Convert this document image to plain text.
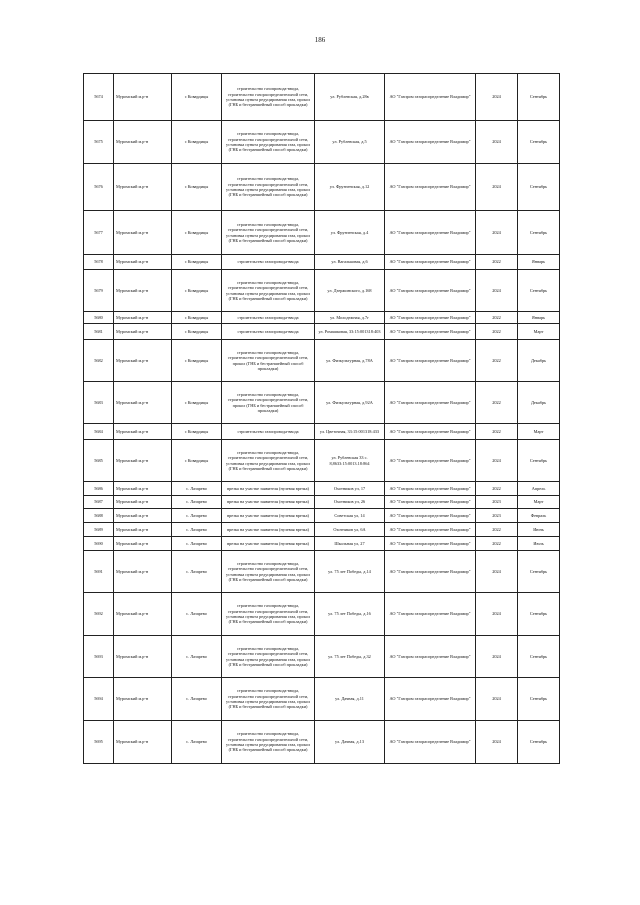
186
5674	Муромский м.р-н	с Ковардицы	строительство газопровода-ввода, строительство газораспределительной сети, установка пункта редуцирования газа, прокол (ГНБ и бестраншейный способ прокладки)	ул. Рублевская, д.28в	АО "Газпром газораспределение Владимир"	2024	Сентябрь
5675	Муромский м.р-н	с Ковардицы	строительство газопровода-ввода, строительство газораспределительной сети, установка пункта редуцирования газа, прокол (ГНБ и бестраншейный способ прокладки)	ул. Рублевская, д.5	АО "Газпром газораспределение Владимир"	2024	Сентябрь
5676	Муромский м.р-н	с Ковардицы	строительство газопровода-ввода, строительство газораспределительной сети, установка пункта редуцирования газа, прокол (ГНБ и бестраншейный способ прокладки)	ул. Фрунзенская, д.12	АО "Газпром газораспределение Владимир"	2024	Сентябрь
5677	Муромский м.р-н	с Ковардицы	строительство газопровода-ввода, строительство газораспределительной сети, установка пункта редуцирования газа, прокол (ГНБ и бестраншейный способ прокладки)	ул. Фрунзенская, д.4	АО "Газпром газораспределение Владимир"	2024	Сентябрь
5678	Муромский м.р-н	с Ковардицы	строительство газопровода-ввода	ул. Вагальковая, д.6	АО "Газпром газораспределение Владимир"	2022	Январь
5679	Муромский м.р-н	с Ковардицы	строительство газопровода-ввода, строительство газораспределительной сети, установка пункта редуцирования газа, прокол (ГНБ и бестраншейный способ прокладки)	ул. Дзержинского, д.168	АО "Газпром газораспределение Владимир"	2024	Сентябрь
5680	Муромский м.р-н	с Ковардицы	строительство газопровода-ввода	ул. Молодежная, д.7г	АО "Газпром газораспределение Владимир"	2022	Январь
5681	Муромский м.р-н	с Ковардицы	строительство газопровода-ввода	ул. Ромашковая, 33:15:001318:403	АО "Газпром газораспределение Владимир"	2022	Март
5682	Муромский м.р-н	с Ковардицы	строительство газопровода-ввода, строительство газораспределительной сети, прокол (ГНБ и бестраншейный способ прокладки)	ул. Физкультурная, д.78А	АО "Газпром газораспределение Владимир"	2022	Декабрь
5683	Муромский м.р-н	с Ковардицы	строительство газопровода-ввода, строительство газораспределительной сети, прокол (ГНБ и бестраншейный способ прокладки)	ул. Физкультурная, д.92А	АО "Газпром газораспределение Владимир"	2022	Декабрь
5684	Муромский м.р-н	с Ковардицы	строительство газопровода-ввода	ул. Цветочная, 33:15:001318:433	АО "Газпром газораспределение Владимир"	2022	Март
5685	Муромский м.р-н	с Ковардицы	строительство газопровода-ввода, строительство газораспределительной сети, установка пункта редуцирования газа, прокол (ГНБ и бестраншейный способ прокладки)	ул. Рублевская 33 с. 8,8633:15:0013.18:864	АО "Газпром газораспределение Владимир"	2024	Сентябрь
5686	Муромский м.р-н	с. Лазарево	врезка на участке заявителя (нулевая врезка)	Охотников ул, 17	АО "Газпром газораспределение Владимир"	2022	Апрель
5687	Муромский м.р-н	с. Лазарево	врезка на участке заявителя (нулевая врезка)	Охотников ул, 26	АО "Газпром газораспределение Владимир"	2023	Март
5688	Муромский м.р-н	с. Лазарево	врезка на участке заявителя (нулевая врезка)	Советская ул, 14	АО "Газпром газораспределение Владимир"	2023	Февраль
5689	Муромский м.р-н	с. Лазарево	врезка на участке заявителя (нулевая врезка)	Охотников ул, 6А	АО "Газпром газораспределение Владимир"	2022	Июнь
5690	Муромский м.р-н	с. Лазарево	врезка на участке заявителя (нулевая врезка)	Школьная ул, 27	АО "Газпром газораспределение Владимир"	2022	Июль
5691	Муромский м.р-н	с. Лазарево	строительство газопровода-ввода, строительство газораспределительной сети, установка пункта редуцирования газа, прокол (ГНБ и бестраншейный способ прокладки)	ул. 75 лет Победы, д.14	АО "Газпром газораспределение Владимир"	2024	Сентябрь
5692	Муромский м.р-н	с. Лазарево	строительство газопровода-ввода, строительство газораспределительной сети, установка пункта редуцирования газа, прокол (ГНБ и бестраншейный способ прокладки)	ул. 75 лет Победы, д.16	АО "Газпром газораспределение Владимир"	2024	Сентябрь
5693	Муромский м.р-н	с. Лазарево	строительство газопровода-ввода, строительство газораспределительной сети, установка пункта редуцирования газа, прокол (ГНБ и бестраншейный способ прокладки)	ул. 75 лет Победы, д.32	АО "Газпром газораспределение Владимир"	2024	Сентябрь
5694	Муромский м.р-н	с. Лазарево	строительство газопровода-ввода, строительство газораспределительной сети, установка пункта редуцирования газа, прокол (ГНБ и бестраншейный способ прокладки)	ул. Дачная, д.11	АО "Газпром газораспределение Владимир"	2024	Сентябрь
5695	Муромский м.р-н	с. Лазарево	строительство газопровода-ввода, строительство газораспределительной сети, установка пункта редуцирования газа, прокол (ГНБ и бестраншейный способ прокладки)	ул. Дачная, д.13	АО "Газпром газораспределение Владимир"	2024	Сентябрь
